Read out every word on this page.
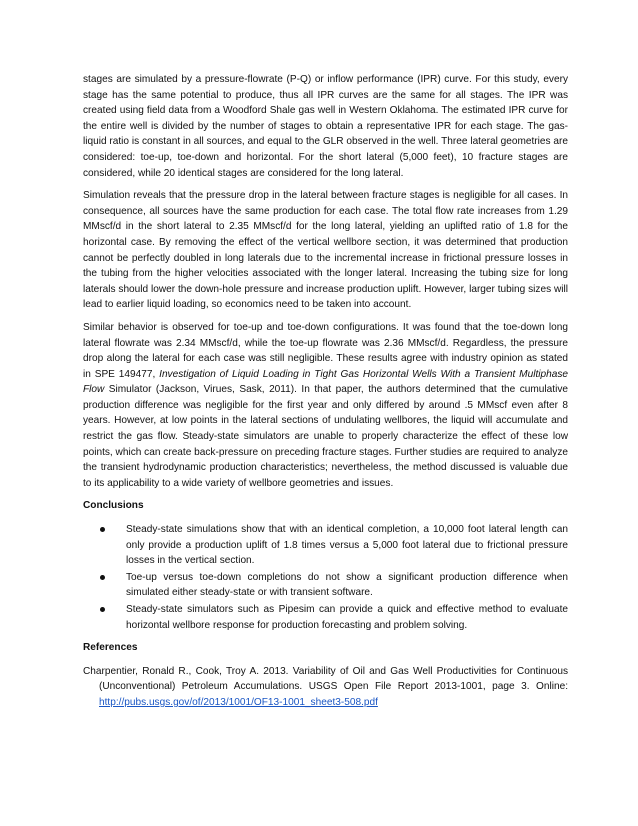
stages are simulated by a pressure-flowrate (P-Q) or inflow performance (IPR) curve. For this study, every stage has the same potential to produce, thus all IPR curves are the same for all stages. The IPR was created using field data from a Woodford Shale gas well in Western Oklahoma. The estimated IPR curve for the entire well is divided by the number of stages to obtain a representative IPR for each stage. The gas-liquid ratio is constant in all sources, and equal to the GLR observed in the well. Three lateral geometries are considered: toe-up, toe-down and horizontal. For the short lateral (5,000 feet), 10 fracture stages are considered, while 20 identical stages are considered for the long lateral.

Simulation reveals that the pressure drop in the lateral between fracture stages is negligible for all cases. In consequence, all sources have the same production for each case. The total flow rate increases from 1.29 MMscf/d in the short lateral to 2.35 MMscf/d for the long lateral, yielding an uplifted ratio of 1.8 for the horizontal case. By removing the effect of the vertical wellbore section, it was determined that production cannot be perfectly doubled in long laterals due to the incremental increase in frictional pressure losses in the tubing from the higher velocities associated with the longer lateral. Increasing the tubing size for long laterals should lower the down-hole pressure and increase production uplift. However, larger tubing sizes will lead to earlier liquid loading, so economics need to be taken into account.

Similar behavior is observed for toe-up and toe-down configurations. It was found that the toe-down long lateral flowrate was 2.34 MMscf/d, while the toe-up flowrate was 2.36 MMscf/d. Regardless, the pressure drop along the lateral for each case was still negligible. These results agree with industry opinion as stated in SPE 149477, Investigation of Liquid Loading in Tight Gas Horizontal Wells With a Transient Multiphase Flow Simulator (Jackson, Virues, Sask, 2011). In that paper, the authors determined that the cumulative production difference was negligible for the first year and only differed by around .5 MMscf even after 8 years. However, at low points in the lateral sections of undulating wellbores, the liquid will accumulate and restrict the gas flow. Steady-state simulators are unable to properly characterize the effect of these low points, which can create back-pressure on preceding fracture stages. Further studies are required to analyze the transient hydrodynamic production characteristics; nevertheless, the method discussed is valuable due to its applicability to a wide variety of wellbore geometries and issues.

Conclusions
Steady-state simulations show that with an identical completion, a 10,000 foot lateral length can only provide a production uplift of 1.8 times versus a 5,000 foot lateral due to frictional pressure losses in the vertical section.
Toe-up versus toe-down completions do not show a significant production difference when simulated either steady-state or with transient software.
Steady-state simulators such as Pipesim can provide a quick and effective method to evaluate horizontal wellbore response for production forecasting and problem solving.
References

Charpentier, Ronald R., Cook, Troy A. 2013. Variability of Oil and Gas Well Productivities for Continuous (Unconventional) Petroleum Accumulations. USGS Open File Report 2013-1001, page 3. Online: http://pubs.usgs.gov/of/2013/1001/OF13-1001_sheet3-508.pdf
